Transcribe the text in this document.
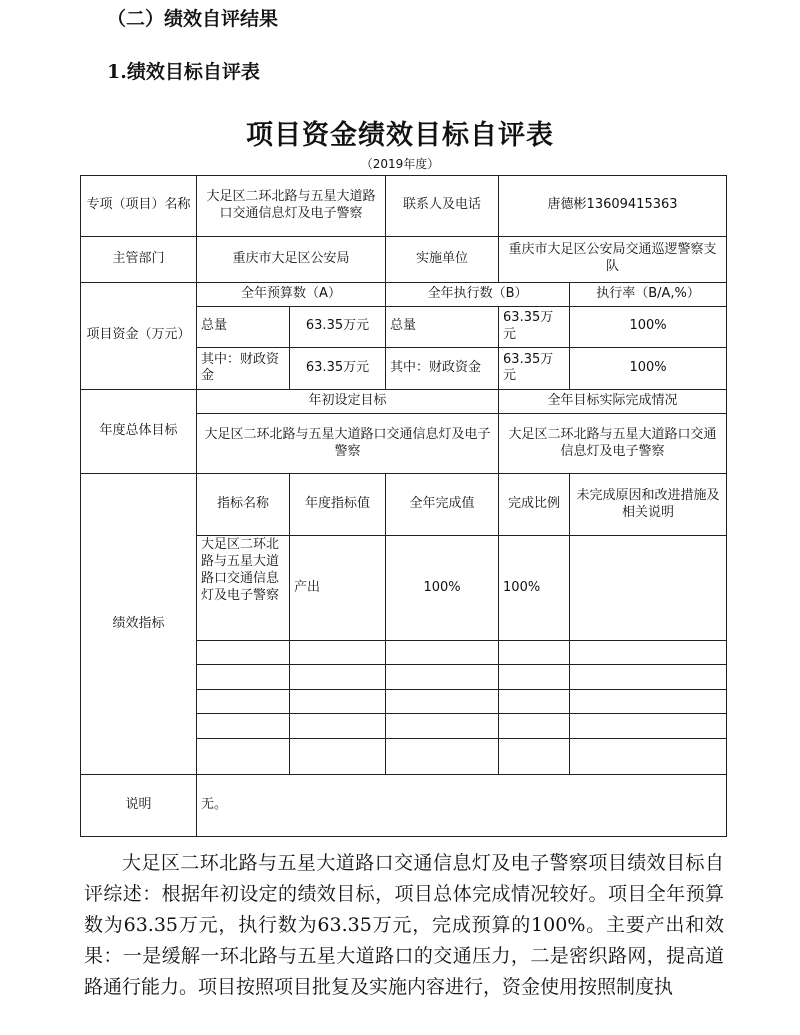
（二）绩效自评结果
1.绩效目标自评表
项目资金绩效目标自评表
（2019年度）
专项（项目）名称	大足区二环北路与五星大道路口交通信息灯及电子警察		联系人及电话	唐德彬13609415363	
主管部门	重庆市大足区公安局		实施单位	重庆市大足区公安局交通巡逻警察支队	
项目资金（万元）	全年预算数（A）		全年执行数（B）		执行率（B/A,%）
	总量	63.35万元	总量	63.35万元	100%
	其中：财政资金	63.35万元	其中：财政资金	63.35万元	100%
年度总体目标	年初设定目标			全年目标实际完成情况	
	大足区二环北路与五星大道路口交通信息灯及电子警察			大足区二环北路与五星大道路口交通信息灯及电子警察	
绩效指标	指标名称	年度指标值	全年完成值	完成比例	未完成原因和改进措施及相关说明
	大足区二环北路与五星大道路口交通信息灯及电子警察	产出	100%	100%	

说明	无。				

大足区二环北路与五星大道路口交通信息灯及电子警察项目绩效目标自评综述：根据年初设定的绩效目标，项目总体完成情况较好。项目全年预算数为63.35万元，执行数为63.35万元，完成预算的100%。主要产出和效果：一是缓解一环北路与五星大道路口的交通压力，二是密织路网，提高道路通行能力。项目按照项目批复及实施内容进行，资金使用按照制度执
